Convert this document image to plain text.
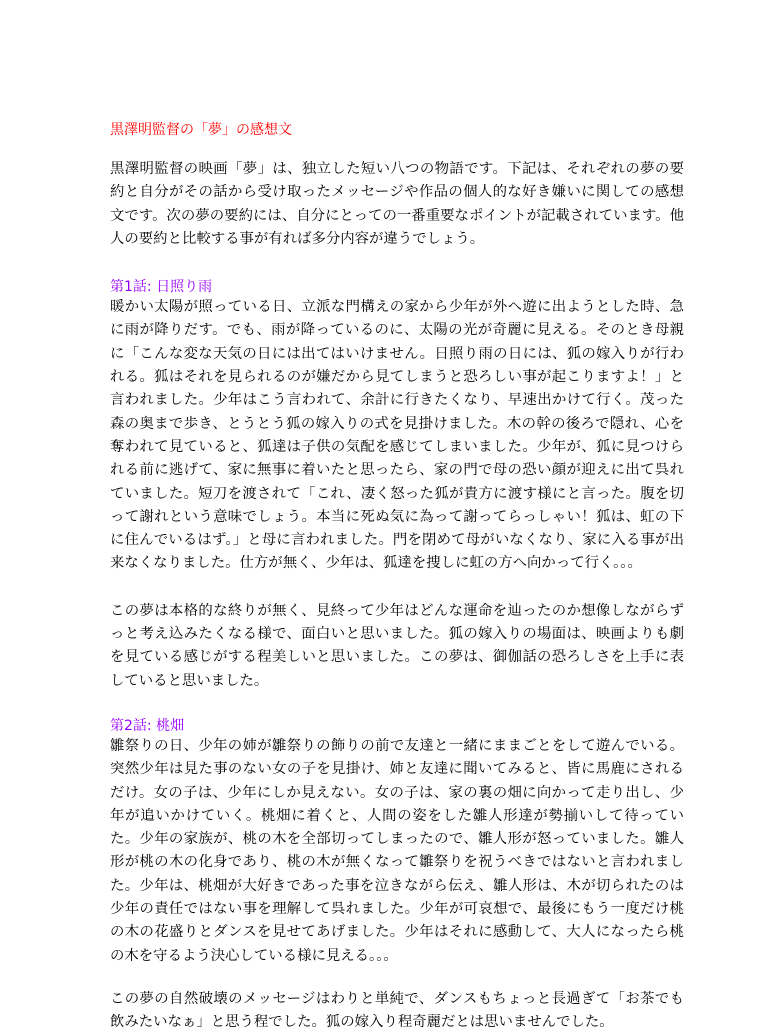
黒澤明監督の「夢」の感想文

黒澤明監督の映画「夢」は、独立した短い八つの物語です。下記は、それぞれの夢の要約と自分がその話から受け取ったメッセージや作品の個人的な好き嫌いに関しての感想文です。次の夢の要約には、自分にとっての一番重要なポイントが記載されています。他人の要約と比較する事が有れば多分内容が違うでしょう。

第1話: 日照り雨

暖かい太陽が照っている日、立派な門構えの家から少年が外へ遊に出ようとした時、急に雨が降りだす。でも、雨が降っているのに、太陽の光が奇麗に見える。そのとき母親に「こんな変な天気の日には出てはいけません。日照り雨の日には、狐の嫁入りが行われる。狐はそれを見られるのが嫌だから見てしまうと恐ろしい事が起こりますよ！」と言われました。少年はこう言われて、余計に行きたくなり、早速出かけて行く。茂った森の奥まで歩き、とうとう狐の嫁入りの式を見掛けました。木の幹の後ろで隠れ、心を奪われて見ていると、狐達は子供の気配を感じてしまいました。少年が、狐に見つけられる前に逃げて、家に無事に着いたと思ったら、家の門で母の恐い顔が迎えに出て呉れていました。短刀を渡されて「これ、凄く怒った狐が貴方に渡す様にと言った。腹を切って謝れという意味でしょう。本当に死ぬ気に為って謝ってらっしゃい！狐は、虹の下に住んでいるはず。」と母に言われました。門を閉めて母がいなくなり、家に入る事が出来なくなりました。仕方が無く、少年は、狐達を捜しに虹の方へ向かって行く。。。

この夢は本格的な終りが無く、見終って少年はどんな運命を辿ったのか想像しながらずっと考え込みたくなる様で、面白いと思いました。狐の嫁入りの場面は、映画よりも劇を見ている感じがする程美しいと思いました。この夢は、御伽話の恐ろしさを上手に表していると思いました。

第2話: 桃畑

雛祭りの日、少年の姉が雛祭りの飾りの前で友達と一緒にままごとをして遊んでいる。突然少年は見た事のない女の子を見掛け、姉と友達に聞いてみると、皆に馬鹿にされるだけ。女の子は、少年にしか見えない。女の子は、家の裏の畑に向かって走り出し、少年が追いかけていく。桃畑に着くと、人間の姿をした雛人形達が勢揃いして待っていた。少年の家族が、桃の木を全部切ってしまったので、雛人形が怒っていました。雛人形が桃の木の化身であり、桃の木が無くなって雛祭りを祝うべきではないと言われました。少年は、桃畑が大好きであった事を泣きながら伝え、雛人形は、木が切られたのは少年の責任ではない事を理解して呉れました。少年が可哀想で、最後にもう一度だけ桃の木の花盛りとダンスを見せてあげました。少年はそれに感動して、大人になったら桃の木を守るよう決心している様に見える。。。

この夢の自然破壊のメッセージはわりと単純で、ダンスもちょっと長過ぎて「お茶でも飲みたいなぁ」と思う程でした。狐の嫁入り程奇麗だとは思いませんでした。
